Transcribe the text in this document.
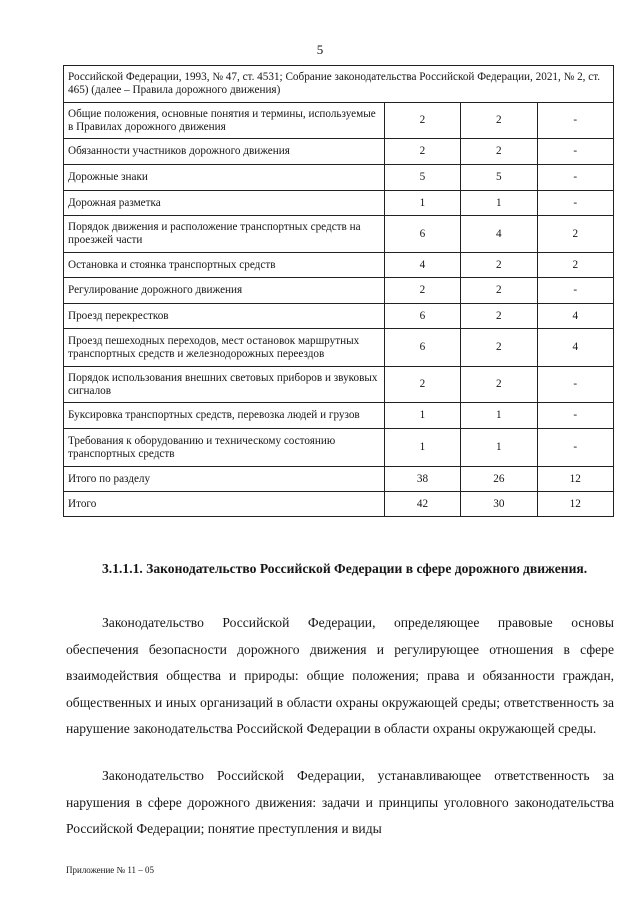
5
Российской Федерации, 1993, № 47, ст. 4531; Собрание законодательства Российской Федерации, 2021, № 2, ст. 465) (далее – Правила дорожного движения)			
Общие положения, основные понятия и термины, используемые в Правилах дорожного движения	2	2	-
Обязанности участников дорожного движения	2	2	-
Дорожные знаки	5	5	-
Дорожная разметка	1	1	-
Порядок движения и расположение транспортных средств на проезжей части	6	4	2
Остановка и стоянка транспортных средств	4	2	2
Регулирование дорожного движения	2	2	-
Проезд перекрестков	6	2	4
Проезд пешеходных переходов, мест остановок маршрутных транспортных средств и железнодорожных переездов	6	2	4
Порядок использования внешних световых приборов и звуковых сигналов	2	2	-
Буксировка транспортных средств, перевозка людей и грузов	1	1	-
Требования к оборудованию и техническому состоянию транспортных средств	1	1	-
Итого по разделу	38	26	12
Итого	42	30	12
3.1.1.1. Законодательство Российской Федерации в сфере дорожного движения.
Законодательство Российской Федерации, определяющее правовые основы обеспечения безопасности дорожного движения и регулирующее отношения в сфере взаимодействия общества и природы: общие положения; права и обязанности граждан, общественных и иных организаций в области охраны окружающей среды; ответственность за нарушение законодательства Российской Федерации в области охраны окружающей среды.
Законодательство Российской Федерации, устанавливающее ответственность за нарушения в сфере дорожного движения: задачи и принципы уголовного законодательства Российской Федерации; понятие преступления и виды
Приложение № 11 – 05
